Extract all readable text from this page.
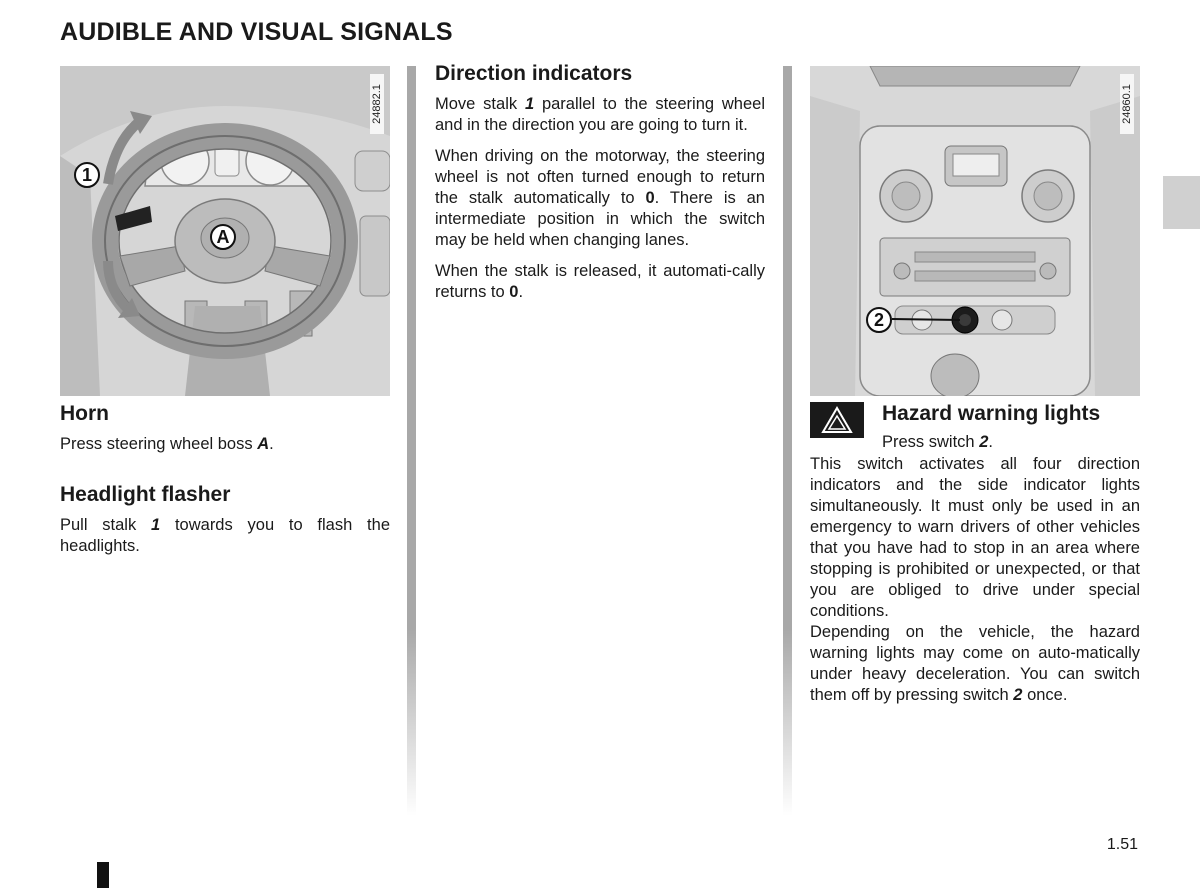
AUDIBLE AND VISUAL SIGNALS
24882.1
1
A
Horn

Press steering wheel boss A.

Headlight flasher

Pull stalk 1 towards you to flash the headlights.

Direction indicators

Move stalk 1 parallel to the steering wheel and in the direction you are going to turn it.

When driving on the motorway, the steering wheel is not often turned enough to return the stalk automatically to 0. There is an intermediate position in which the switch may be held when changing lanes.

When the stalk is released, it automati-cally returns to 0.

24860.1
2
Hazard warning lights

Press switch 2.

This switch activates all four direction indicators and the side indicator lights simultaneously. It must only be used in an emergency to warn drivers of other vehicles that you have had to stop in an area where stopping is prohibited or unexpected, or that you are obliged to drive under special conditions.

Depending on the vehicle, the hazard warning lights may come on auto-matically under heavy deceleration. You can switch them off by pressing switch 2 once.

1.51
